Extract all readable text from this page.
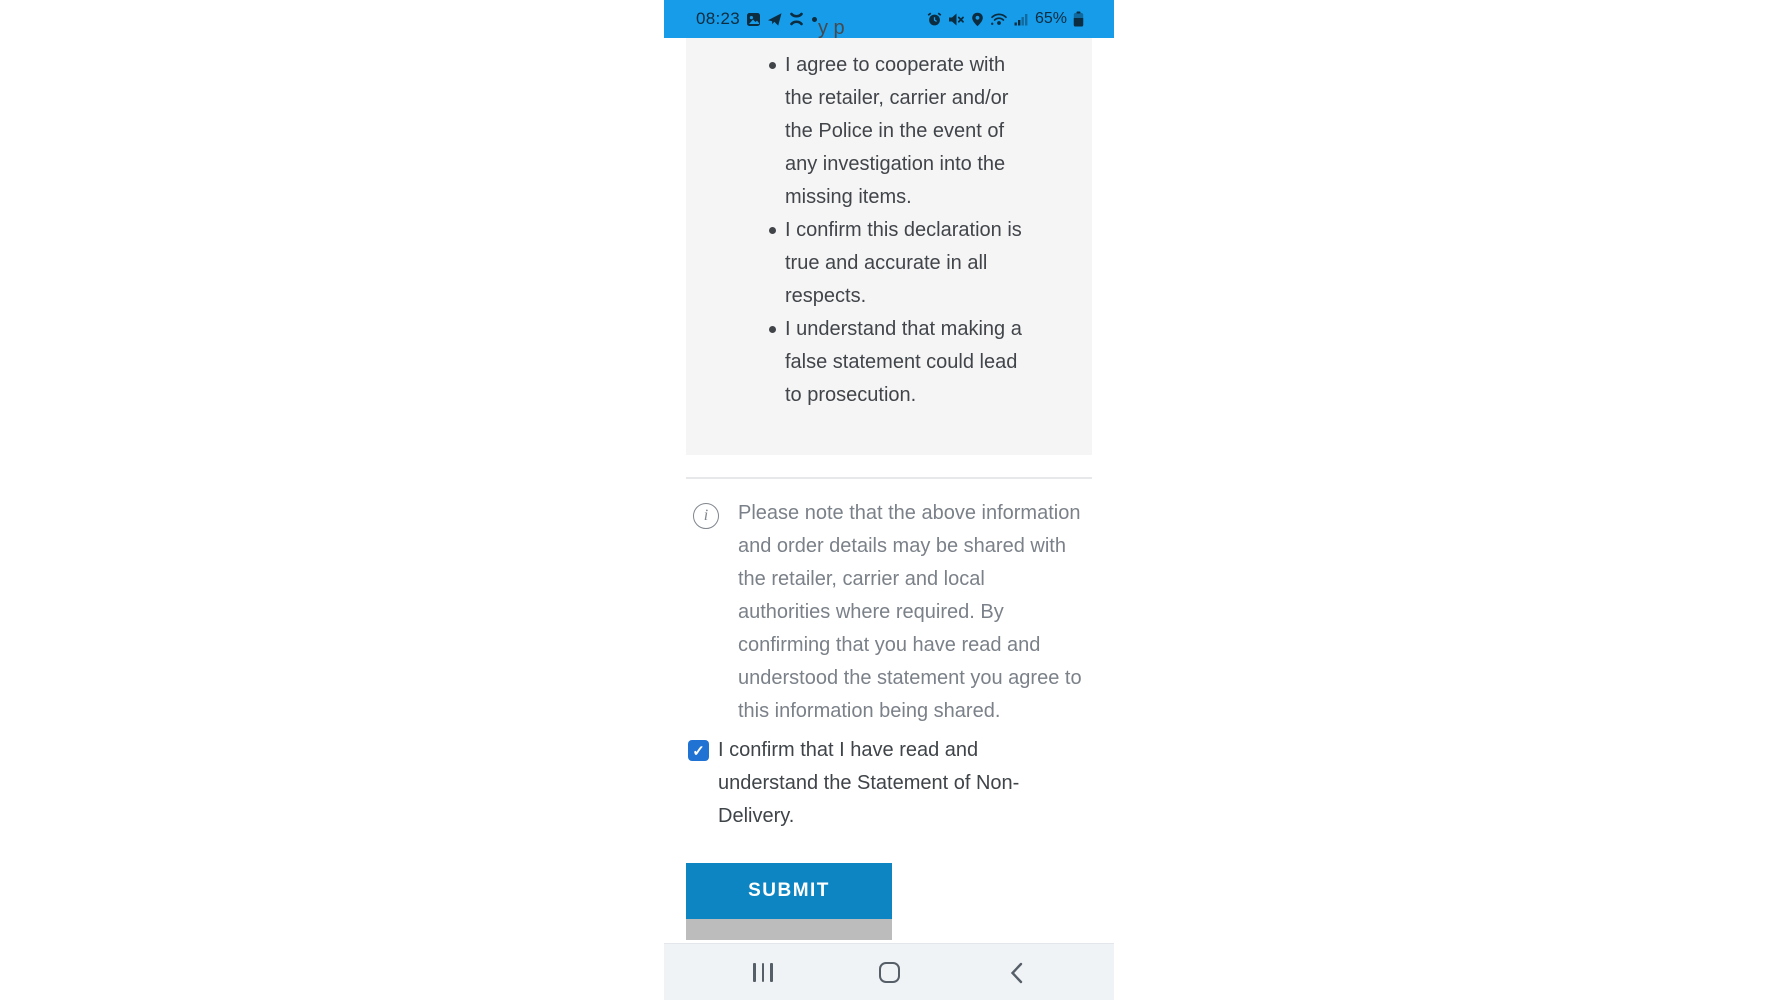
08:23	65%
y p
I agree to cooperate with
the retailer, carrier and/or
the Police in the event of
any investigation into the
missing items.
I confirm this declaration is
true and accurate in all
respects.
I understand that making a
false statement could lead
to prosecution.
i	Please note that the above information
and order details may be shared with
the retailer, carrier and local
authorities where required. By
confirming that you have read and
understood the statement you agree to
this information being shared.
✓ I confirm that I have read and
understand the Statement of Non-
Delivery.
SUBMIT
